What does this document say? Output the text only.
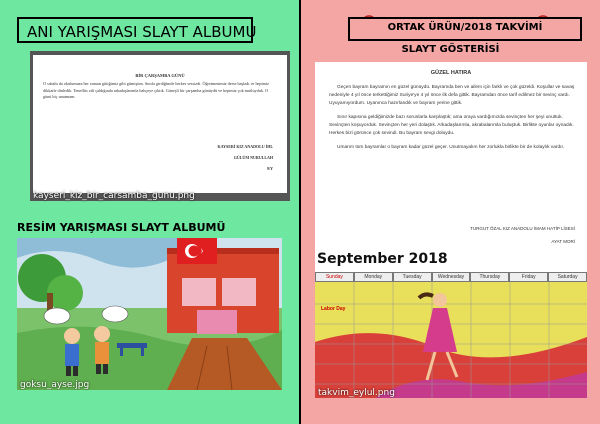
ANI YARIŞMASI SLAYT ALBUMU
BİR ÇARŞAMBA GÜNÜ
O sabahı da okulumuza her zaman gittiğimiz gibi gitmiştim. Sınıfa girdiğimde herkes sessizdi. Öğretmenimiz derse başladı ve hepimiz dikkatle dinledik. Teneffüs zili çaldığında arkadaşlarımla bahçeye çıktık. Güneşli bir çarşamba günüydü ve hepimiz çok mutluyduk. O günü hiç unutmam.
KAYSERİ KIZ ANADOLU İHL
GÜLÜM NURULLAH
9/Y
kayseri_kiz_bir_carsamba_gunu.png
RESİM YARIŞMASI SLAYT ALBUMÜ
goksu_ayse.jpg
ORTAK ÜRÜN/2018 TAKVİMİ
SLAYT GÖSTERİSİ
GÜZEL HATIRA

Geçen bayram bayramın en güzel günüydü. Bayramda ben ve ailem için farklı ve çok güzeldi. Koşullar ve savaş nedeniyle 4 yıl önce terkettiğimiz Suriye'ye 4 yıl önce ilk defa gittik. Bayramdan önce tarif edilmez bir sevinç vardı. Uyuyamıyordum. Uyanınca hazırlandık ve bayram yerine gittik.

Sınır kapısına geldiğimizde bazı sorunlarla karşılaştık; ama oraya vardığımızda sevinçten her şeyi unuttuk. Sevinçten koşuyorduk. Sevinçten her yeri dolaştık. Arkadaşlarımla, akrabalarımla buluştuk. Birlikte oyunlar oynadık. Herkes bizi görünce çok sevindi. Bu bayram sevgi doluydu.

Umarım tüm bayramlar o bayram kadar güzel geçer. Unutmayalım her zorlukla birlikte bir de kolaylık vardır.

TURGUT ÖZAL KIZ ANADOLU İMAM HATİP LİSESİ
AYAT MORİ
September 2018
Sunday	Monday	Tuesday	Wednesday	Thursday	Friday	Saturday
Labor Day
takvim_eylul.png
